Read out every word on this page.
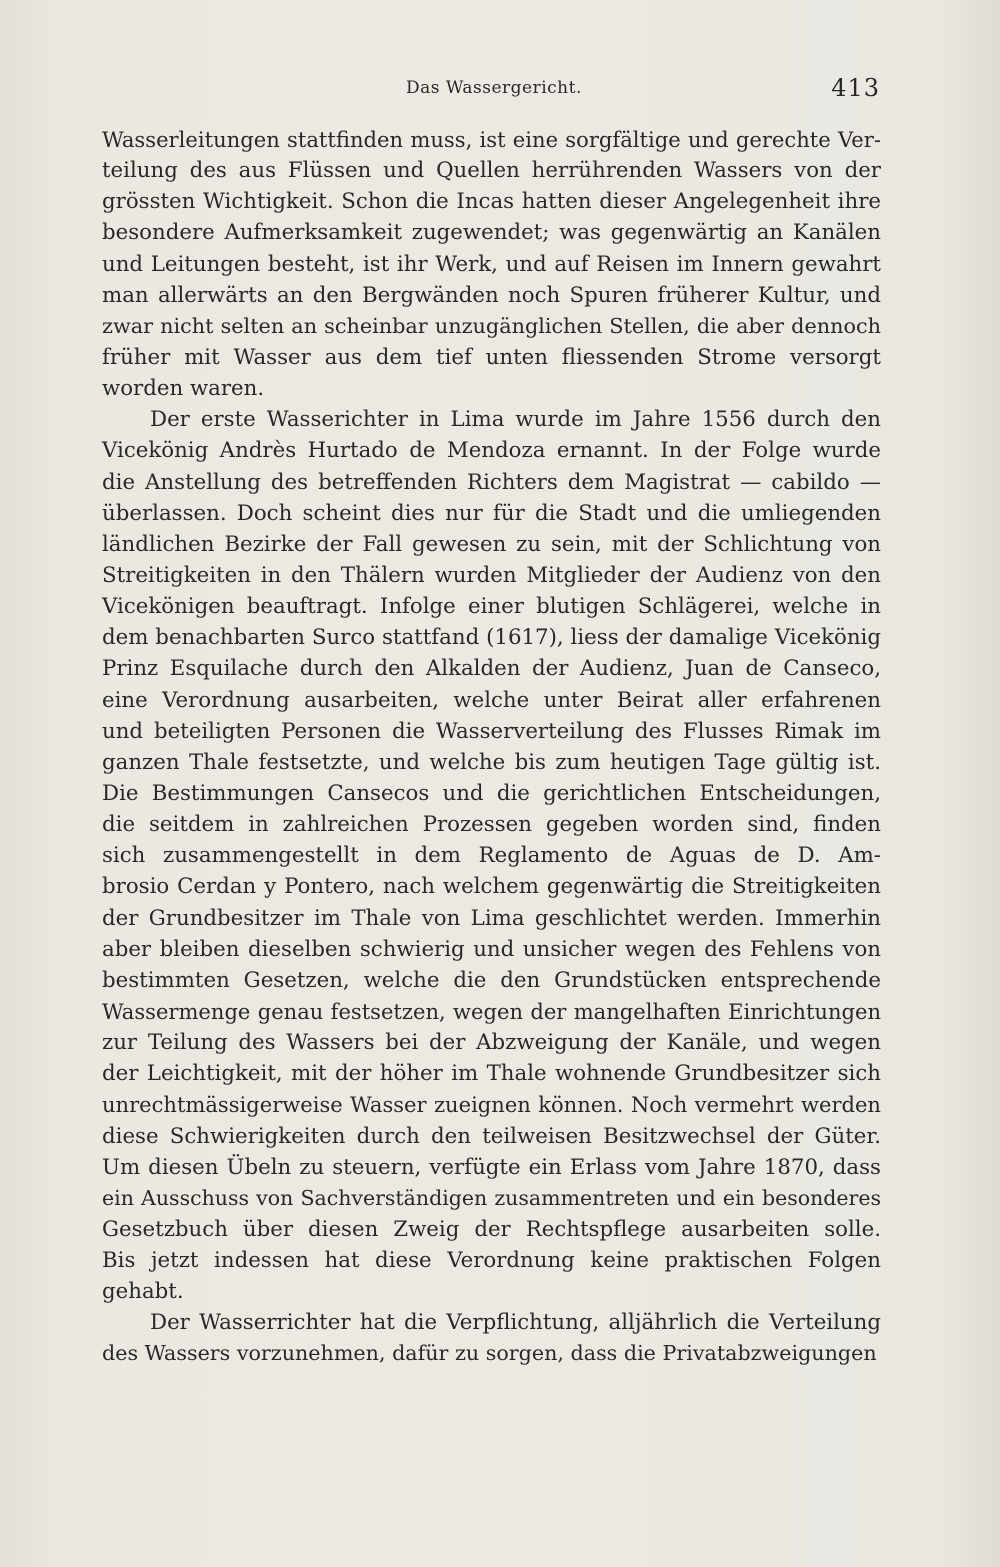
Das Wassergericht.	413
Wasserleitungen stattfinden muss, ist eine sorgfältige und gerechte Ver-
teilung des aus Flüssen und Quellen herrührenden Wassers von der
grössten Wichtigkeit. Schon die Incas hatten dieser Angelegenheit ihre
besondere Aufmerksamkeit zugewendet; was gegenwärtig an Kanälen
und Leitungen besteht, ist ihr Werk, und auf Reisen im Innern gewahrt
man allerwärts an den Bergwänden noch Spuren früherer Kultur, und
zwar nicht selten an scheinbar unzugänglichen Stellen, die aber dennoch
früher mit Wasser aus dem tief unten fliessenden Strome versorgt
worden waren.
Der erste Wasserichter in Lima wurde im Jahre 1556 durch den
Vicekönig Andrès Hurtado de Mendoza ernannt. In der Folge wurde
die Anstellung des betreffenden Richters dem Magistrat — cabildo —
überlassen. Doch scheint dies nur für die Stadt und die umliegenden
ländlichen Bezirke der Fall gewesen zu sein, mit der Schlichtung von
Streitigkeiten in den Thälern wurden Mitglieder der Audienz von den
Vicekönigen beauftragt. Infolge einer blutigen Schlägerei, welche in
dem benachbarten Surco stattfand (1617), liess der damalige Vicekönig
Prinz Esquilache durch den Alkalden der Audienz, Juan de Canseco,
eine Verordnung ausarbeiten, welche unter Beirat aller erfahrenen
und beteiligten Personen die Wasserverteilung des Flusses Rimak im
ganzen Thale festsetzte, und welche bis zum heutigen Tage gültig ist.
Die Bestimmungen Cansecos und die gerichtlichen Entscheidungen,
die seitdem in zahlreichen Prozessen gegeben worden sind, finden
sich zusammengestellt in dem Reglamento de Aguas de D. Am-
brosio Cerdan y Pontero, nach welchem gegenwärtig die Streitigkeiten
der Grundbesitzer im Thale von Lima geschlichtet werden. Immerhin
aber bleiben dieselben schwierig und unsicher wegen des Fehlens von
bestimmten Gesetzen, welche die den Grundstücken entsprechende
Wassermenge genau festsetzen, wegen der mangelhaften Einrichtungen
zur Teilung des Wassers bei der Abzweigung der Kanäle, und wegen
der Leichtigkeit, mit der höher im Thale wohnende Grundbesitzer sich
unrechtmässigerweise Wasser zueignen können. Noch vermehrt werden
diese Schwierigkeiten durch den teilweisen Besitzwechsel der Güter.
Um diesen Übeln zu steuern, verfügte ein Erlass vom Jahre 1870, dass
ein Ausschuss von Sachverständigen zusammentreten und ein besonderes
Gesetzbuch über diesen Zweig der Rechtspflege ausarbeiten solle.
Bis jetzt indessen hat diese Verordnung keine praktischen Folgen
gehabt.
Der Wasserrichter hat die Verpflichtung, alljährlich die Verteilung
des Wassers vorzunehmen, dafür zu sorgen, dass die Privatabzweigungen
